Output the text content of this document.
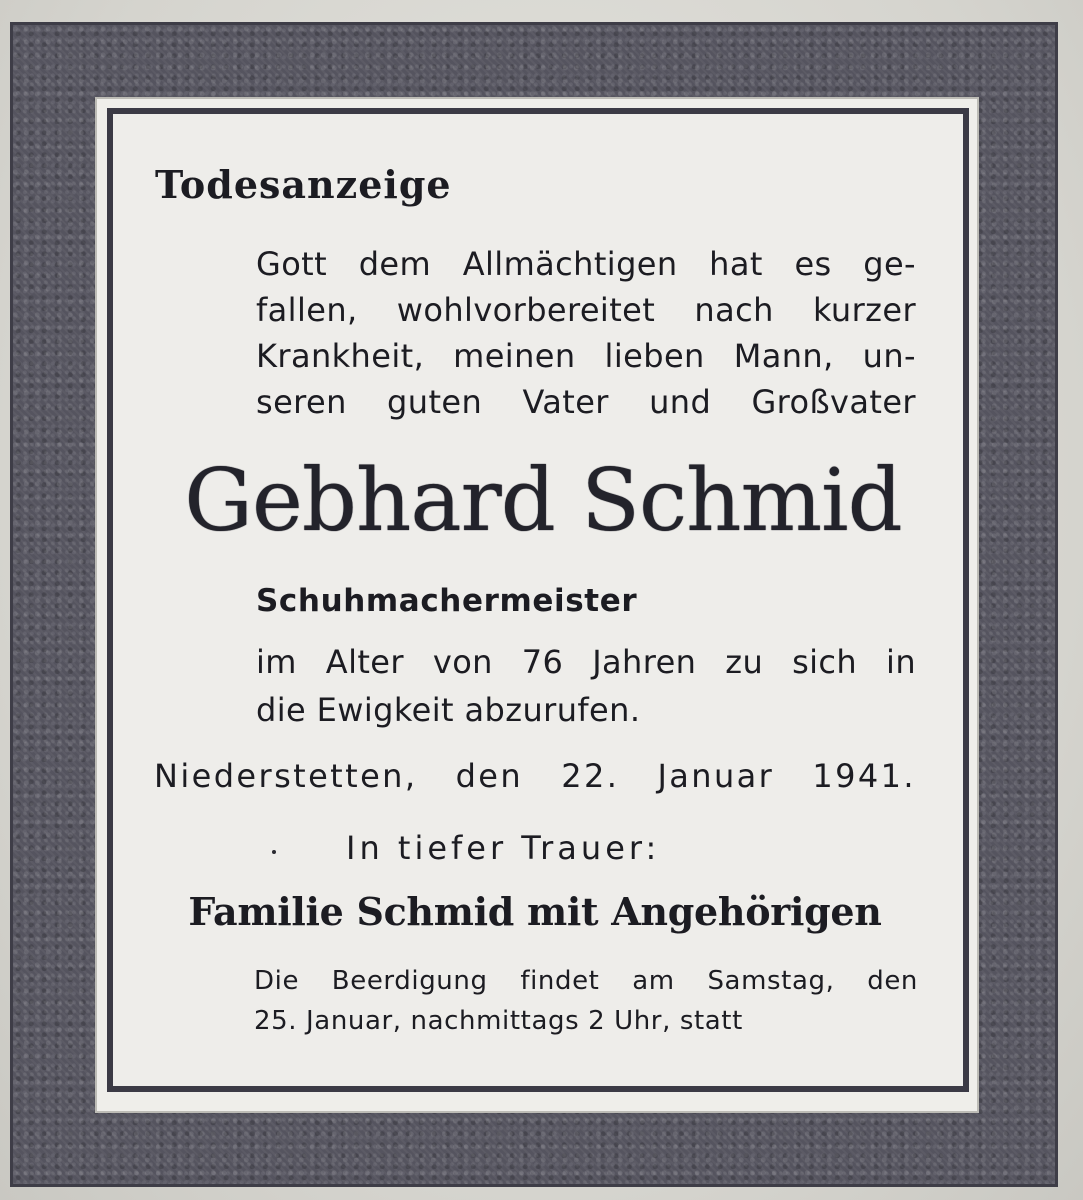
Todesanzeige

Gott dem Allmächtigen hat es ge-

fallen, wohlvorbereitet nach kurzer

Krankheit, meinen lieben Mann, un-

seren guten Vater und Großvater

Gebhard Schmid

Schuhmachermeister

im Alter von 76 Jahren zu sich in

die Ewigkeit abzurufen.

Niederstetten, den 22. Januar 1941.

In tiefer Trauer:

Familie Schmid mit Angehörigen

Die Beerdigung findet am Samstag, den

25. Januar, nachmittags 2 Uhr, statt
